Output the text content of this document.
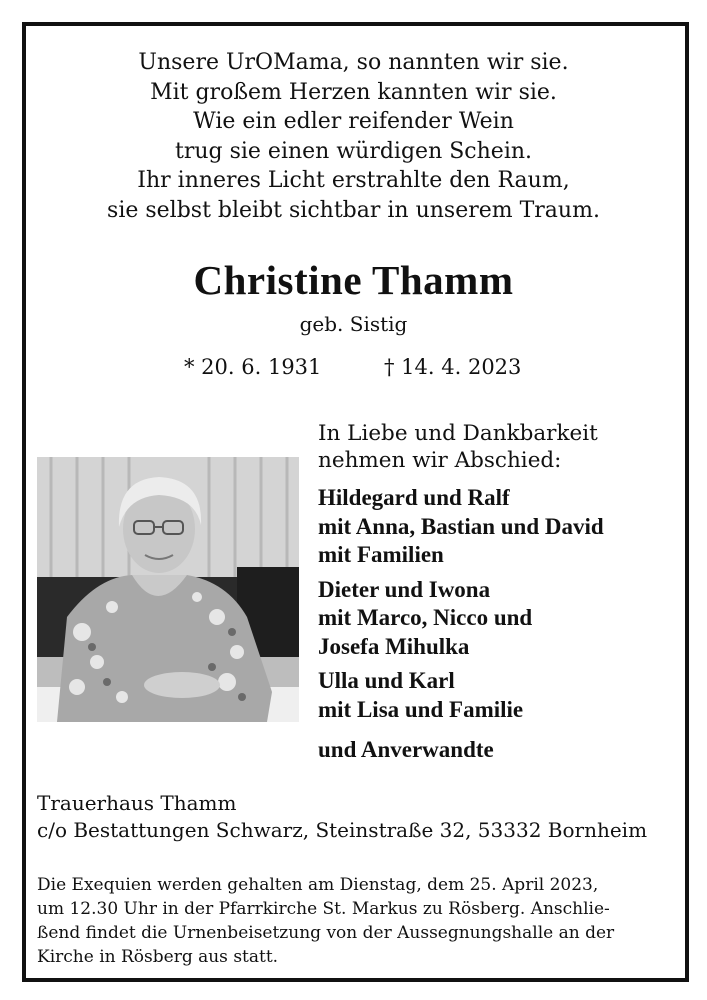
Unsere UrOMama, so nannten wir sie.
Mit großem Herzen kannten wir sie.
Wie ein edler reifender Wein
trug sie einen würdigen Schein.
Ihr inneres Licht erstrahlte den Raum,
sie selbst bleibt sichtbar in unserem Traum.
Christine Thamm
geb. Sistig
* 20. 6. 1931	† 14. 4. 2023
In Liebe und Dankbarkeit
nehmen wir Abschied:
Hildegard und Ralf
mit Anna, Bastian und David
mit Familien
Dieter und Iwona
mit Marco, Nicco und
Josefa Mihulka
Ulla und Karl
mit Lisa und Familie
und Anverwandte
Trauerhaus Thamm
c/o Bestattungen Schwarz, Steinstraße 32, 53332 Bornheim
Die Exequien werden gehalten am Dienstag, dem 25. April 2023,
um 12.30 Uhr in der Pfarrkirche St. Markus zu Rösberg. Anschlie-
ßend findet die Urnenbeisetzung von der Aussegnungshalle an der
Kirche in Rösberg aus statt.
